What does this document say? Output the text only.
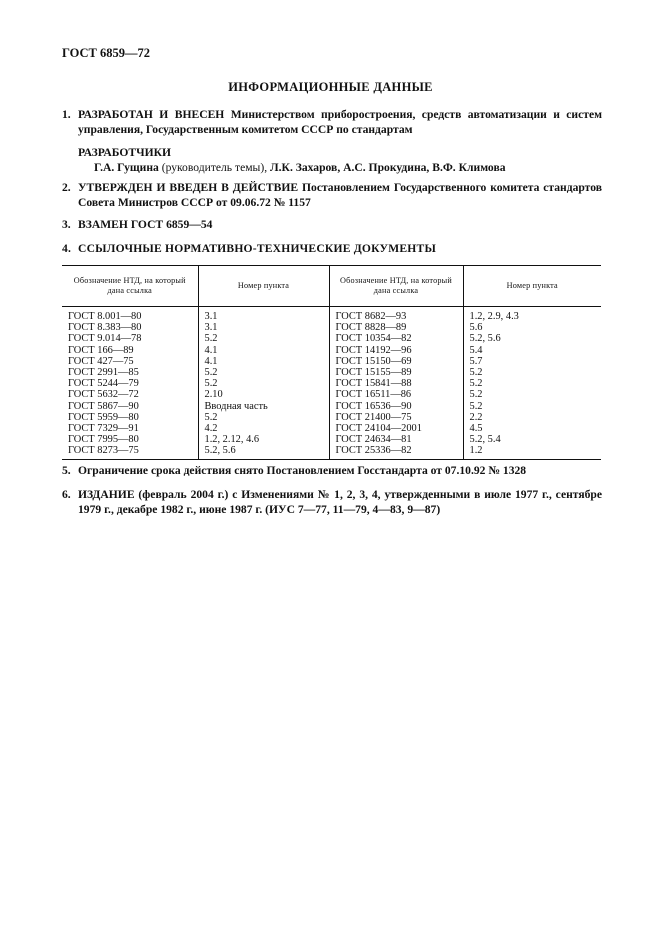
ГОСТ 6859—72
ИНФОРМАЦИОННЫЕ ДАННЫЕ
1. РАЗРАБОТАН И ВНЕСЕН Министерством приборостроения, средств автоматизации и систем управления, Государственным комитетом СССР по стандартам
РАЗРАБОТЧИКИ
Г.А. Гущина (руководитель темы), Л.К. Захаров, А.С. Прокудина, В.Ф. Климова
2. УТВЕРЖДЕН И ВВЕДЕН В ДЕЙСТВИЕ Постановлением Государственного комитета стандартов Совета Министров СССР от 09.06.72 № 1157
3. ВЗАМЕН ГОСТ 6859—54
4. ССЫЛОЧНЫЕ НОРМАТИВНО-ТЕХНИЧЕСКИЕ ДОКУМЕНТЫ
Обозначение НТД, на который дана ссылка	Номер пункта	Обозначение НТД, на который дана ссылка	Номер пункта
ГОСТ 8.001—80	3.1	ГОСТ 8682—93	1.2, 2.9, 4.3
ГОСТ 8.383—80	3.1	ГОСТ 8828—89	5.6
ГОСТ 9.014—78	5.2	ГОСТ 10354—82	5.2, 5.6
ГОСТ 166—89	4.1	ГОСТ 14192—96	5.4
ГОСТ 427—75	4.1	ГОСТ 15150—69	5.7
ГОСТ 2991—85	5.2	ГОСТ 15155—89	5.2
ГОСТ 5244—79	5.2	ГОСТ 15841—88	5.2
ГОСТ 5632—72	2.10	ГОСТ 16511—86	5.2
ГОСТ 5867—90	Вводная часть	ГОСТ 16536—90	5.2
ГОСТ 5959—80	5.2	ГОСТ 21400—75	2.2
ГОСТ 7329—91	4.2	ГОСТ 24104—2001	4.5
ГОСТ 7995—80	1.2, 2.12, 4.6	ГОСТ 24634—81	5.2, 5.4
ГОСТ 8273—75	5.2, 5.6	ГОСТ 25336—82	1.2
5. Ограничение срока действия снято Постановлением Госстандарта от 07.10.92 № 1328
6. ИЗДАНИЕ (февраль 2004 г.) с Изменениями № 1, 2, 3, 4, утвержденными в июле 1977 г., сентябре 1979 г., декабре 1982 г., июне 1987 г. (ИУС 7—77, 11—79, 4—83, 9—87)
